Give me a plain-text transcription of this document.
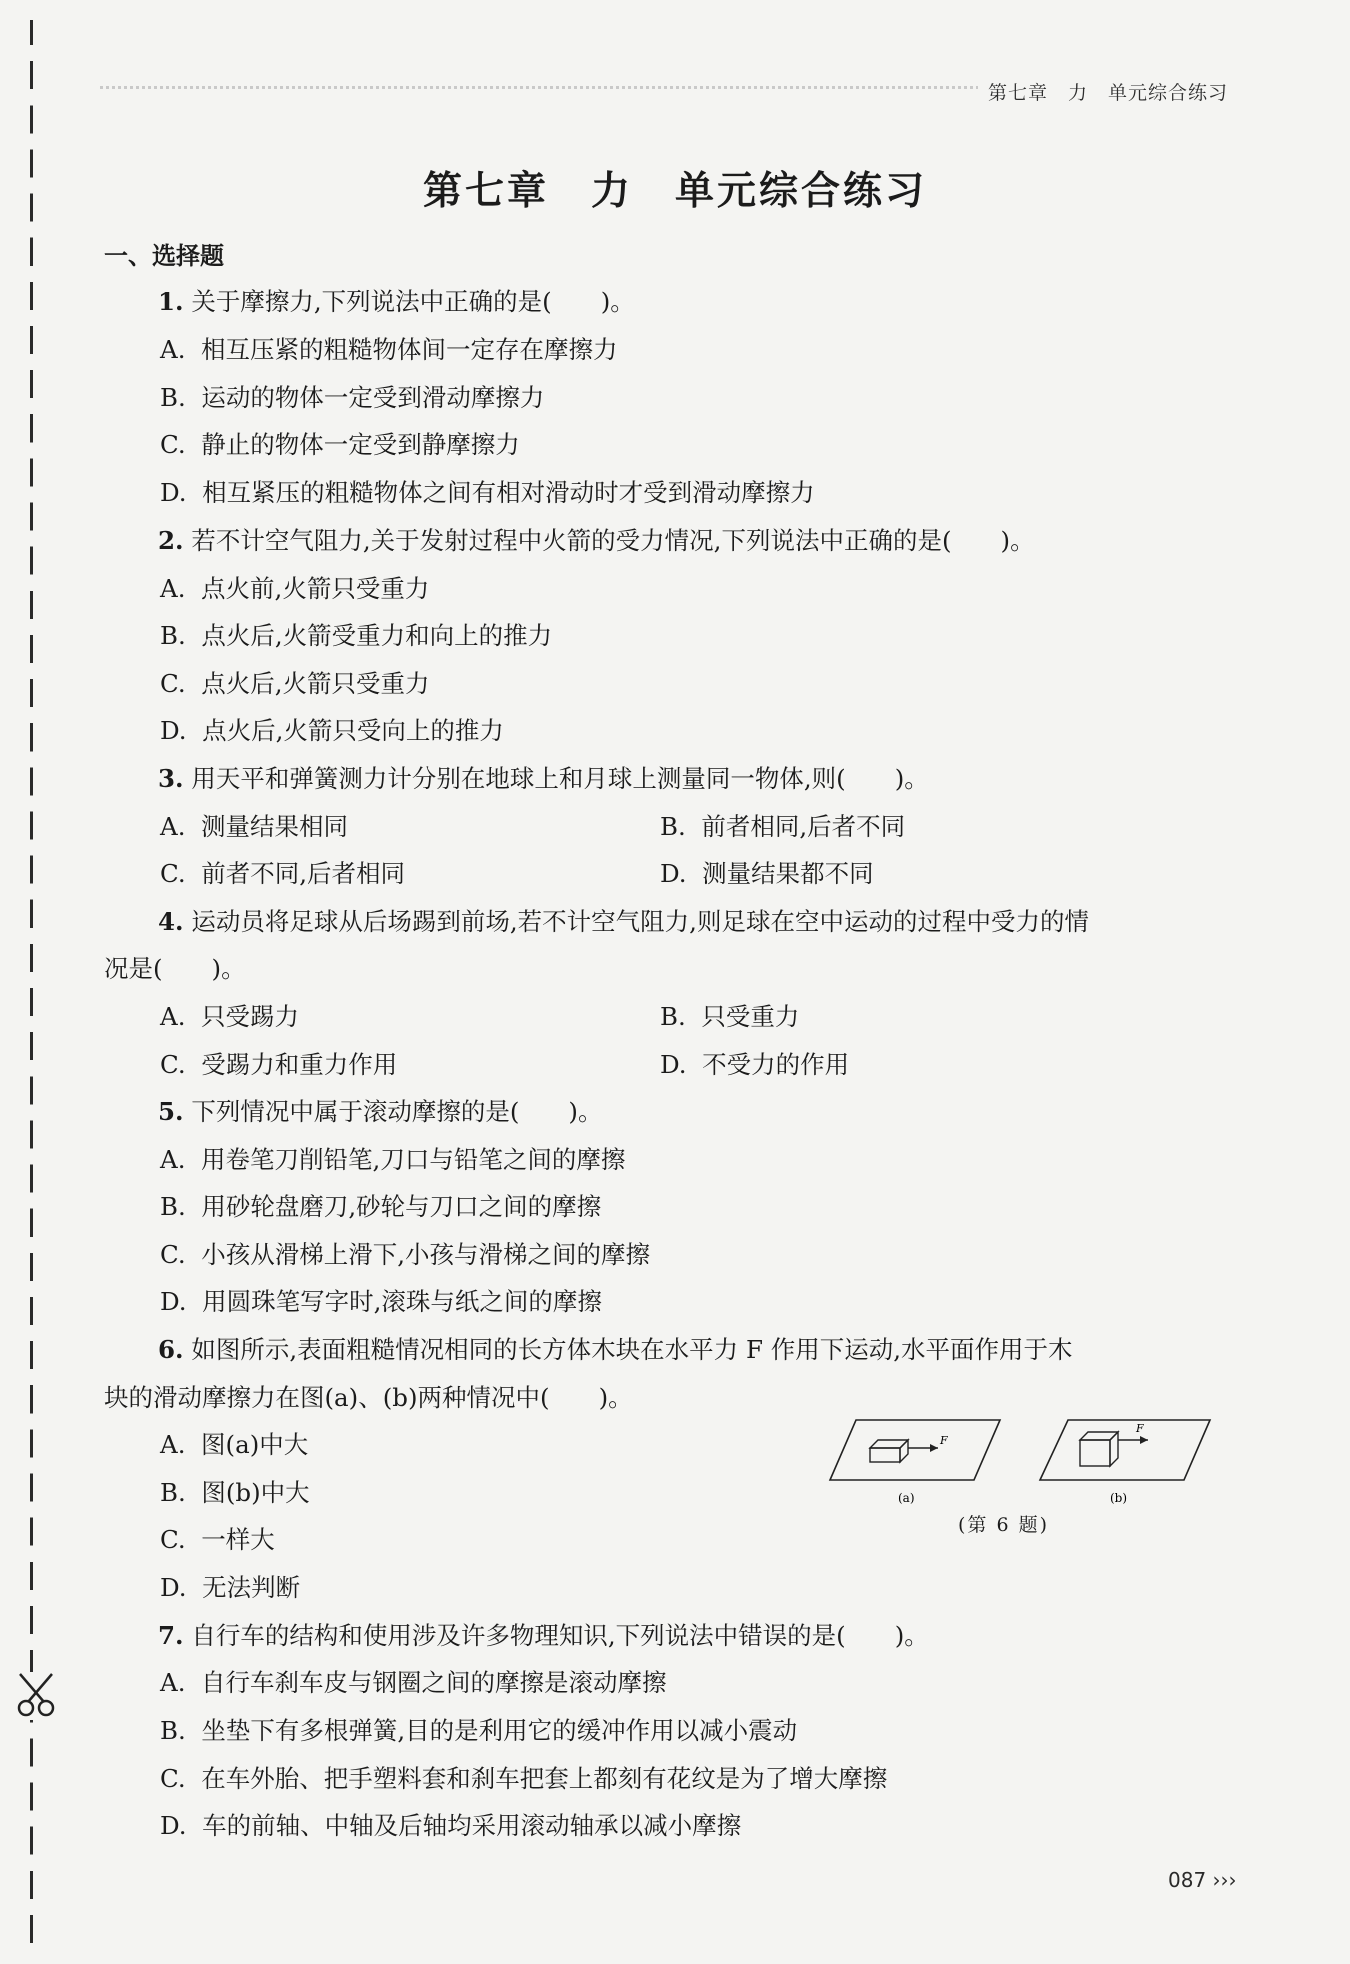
第七章　力　单元综合练习
第七章　力　单元综合练习
一、选择题
1. 关于摩擦力,下列说法中正确的是(　　)。
A.  相互压紧的粗糙物体间一定存在摩擦力
B.  运动的物体一定受到滑动摩擦力
C.  静止的物体一定受到静摩擦力
D.  相互紧压的粗糙物体之间有相对滑动时才受到滑动摩擦力
2. 若不计空气阻力,关于发射过程中火箭的受力情况,下列说法中正确的是(　　)。
A.  点火前,火箭只受重力
B.  点火后,火箭受重力和向上的推力
C.  点火后,火箭只受重力
D.  点火后,火箭只受向上的推力
3. 用天平和弹簧测力计分别在地球上和月球上测量同一物体,则(　　)。
A.  测量结果相同	B.  前者相同,后者不同
C.  前者不同,后者相同	D.  测量结果都不同
4. 运动员将足球从后场踢到前场,若不计空气阻力,则足球在空中运动的过程中受力的情
况是(　　)。
A.  只受踢力	B.  只受重力
C.  受踢力和重力作用	D.  不受力的作用
5. 下列情况中属于滚动摩擦的是(　　)。
A.  用卷笔刀削铅笔,刀口与铅笔之间的摩擦
B.  用砂轮盘磨刀,砂轮与刀口之间的摩擦
C.  小孩从滑梯上滑下,小孩与滑梯之间的摩擦
D.  用圆珠笔写字时,滚珠与纸之间的摩擦
6. 如图所示,表面粗糙情况相同的长方体木块在水平力 F 作用下运动,水平面作用于木
块的滑动摩擦力在图(a)、(b)两种情况中(　　)。
A.  图(a)中大
B.  图(b)中大
C.  一样大
D.  无法判断
F
(a)
F
(b)
(第 6 题)
7. 自行车的结构和使用涉及许多物理知识,下列说法中错误的是(　　)。
A.  自行车刹车皮与钢圈之间的摩擦是滚动摩擦
B.  坐垫下有多根弹簧,目的是利用它的缓冲作用以减小震动
C.  在车外胎、把手塑料套和刹车把套上都刻有花纹是为了增大摩擦
D.  车的前轴、中轴及后轴均采用滚动轴承以减小摩擦
087 ›››
